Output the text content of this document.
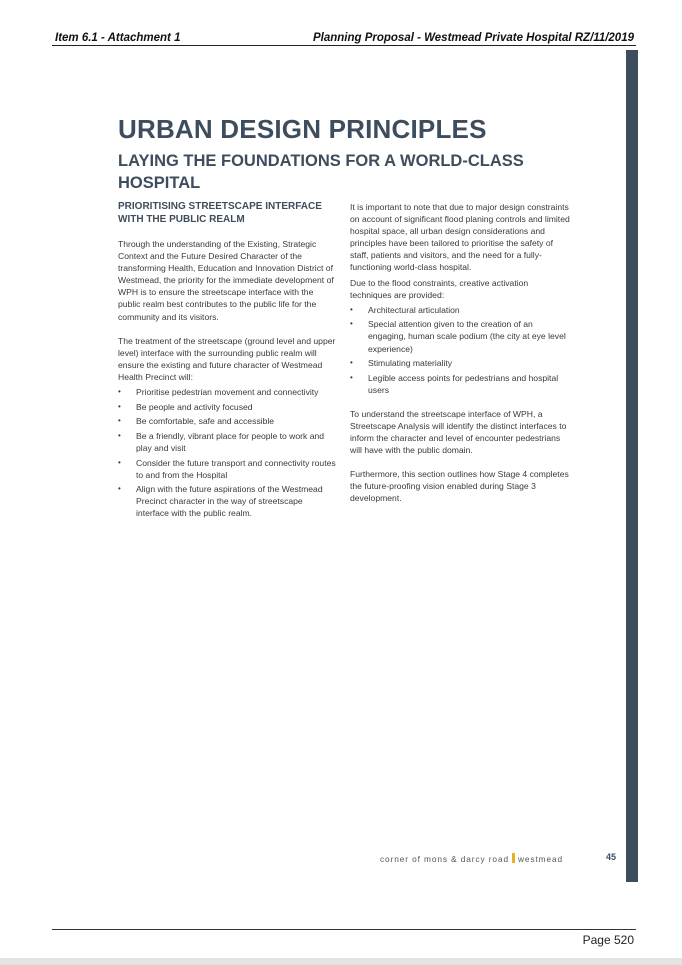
Item 6.1 - Attachment 1	Planning Proposal - Westmead Private Hospital RZ/11/2019
URBAN DESIGN PRINCIPLES
LAYING THE FOUNDATIONS FOR A WORLD-CLASS HOSPITAL
PRIORITISING STREETSCAPE INTERFACE WITH THE PUBLIC REALM

Through the understanding of the Existing, Strategic Context and the Future Desired Character of the transforming Health, Education and Innovation District of Westmead, the priority for the immediate development of WPH is to ensure the streetscape interface with the public realm best contributes to the public life for the community and its visitors.

The treatment of the streetscape (ground level and upper level) interface with the surrounding public realm will ensure the existing and future character of Westmead Health Precinct will:

• Prioritise pedestrian movement and connectivity
• Be people and activity focused
• Be comfortable, safe and accessible
• Be a friendly, vibrant place for people to work and play and visit
• Consider the future transport and connectivity routes to and from the Hospital
• Align with the future aspirations of the Westmead Precinct character in the way of streetscape interface with the public realm.

It is important to note that due to major design constraints on account of significant flood planing controls and limited hospital space, all urban design considerations and principles have been tailored to prioritise the safety of staff, patients and visitors, and the need for a fully-functioning world-class hospital.

Due to the flood constraints, creative activation techniques are provided:

• Architectural articulation
• Special attention given to the creation of an engaging, human scale podium (the city at eye level experience)
• Stimulating materiality
• Legible access points for pedestrians and hospital users

To understand the streetscape interface of WPH, a Streetscape Analysis will identify the distinct interfaces to inform the character and level of encounter pedestrians will have with the public domain.

Furthermore, this section outlines how Stage 4 completes the future-proofing vision enabled during Stage 3 development.

corner of mons & darcy road westmead	45
Page 520
